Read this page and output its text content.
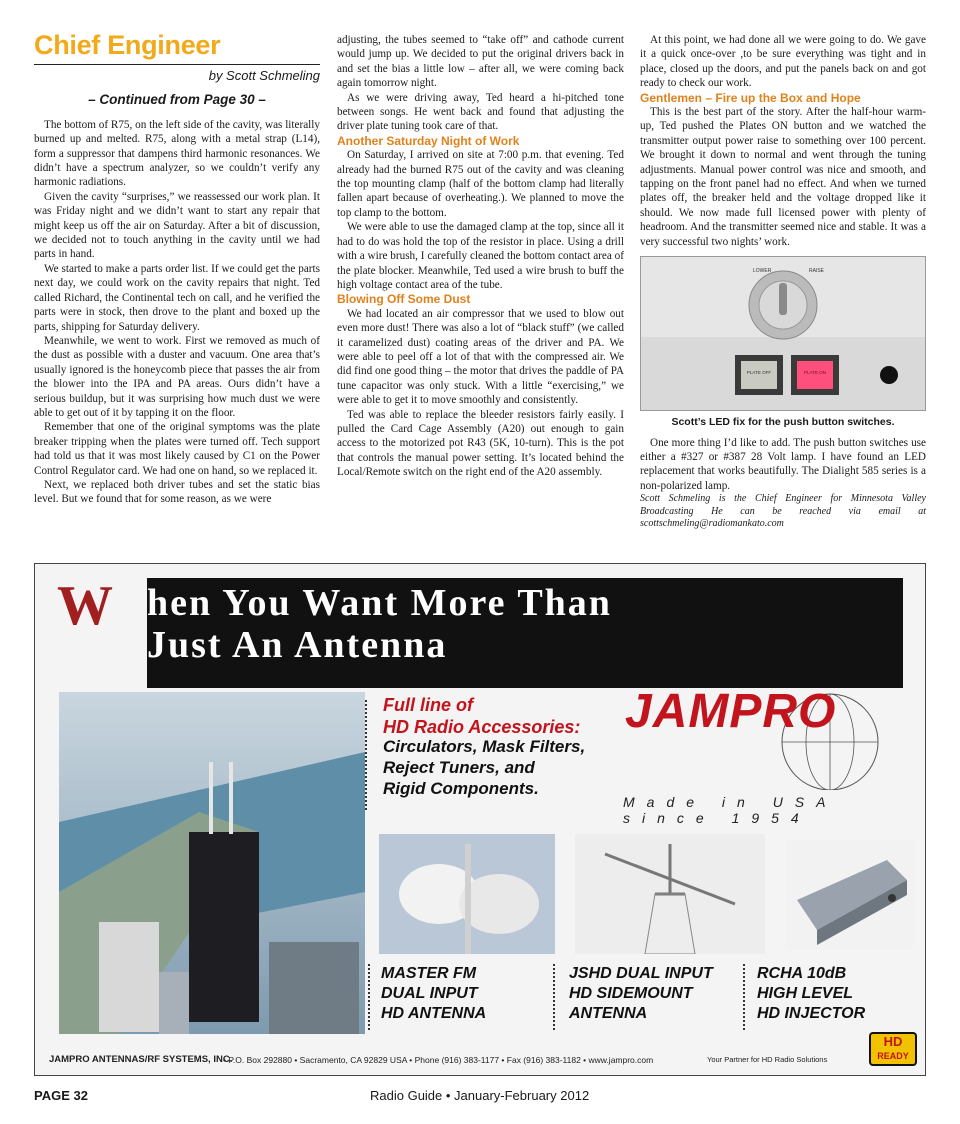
Chief Engineer
by Scott Schmeling
– Continued from Page 30 –

The bottom of R75, on the left side of the cavity, was literally burned up and melted. R75, along with a metal strap (L14), form a suppressor that dampens third harmonic resonances. We didn’t have a spectrum analyzer, so we couldn’t verify any harmonic radiations.

Given the cavity “surprises,” we reassessed our work plan. It was Friday night and we didn’t want to start any repair that might keep us off the air on Saturday. After a bit of discussion, we decided not to touch anything in the cavity until we had parts in hand.

We started to make a parts order list. If we could get the parts next day, we could work on the cavity repairs that night. Ted called Richard, the Continental tech on call, and he verified the parts were in stock, then drove to the plant and boxed up the parts, shipping for Saturday delivery.

Meanwhile, we went to work. First we removed as much of the dust as possible with a duster and vacuum. One area that’s usually ignored is the honeycomb piece that passes the air from the blower into the IPA and PA areas. Ours didn’t have a serious buildup, but it was surprising how much dust we were able to get out of it by tapping it on the floor.

Remember that one of the original symptoms was the plate breaker tripping when the plates were turned off. Tech support had told us that it was most likely caused by C1 on the Power Control Regulator card. We had one on hand, so we replaced it.

Next, we replaced both driver tubes and set the static bias level. But we found that for some reason, as we were

adjusting, the tubes seemed to “take off” and cathode current would jump up. We decided to put the original drivers back in and set the bias a little low – after all, we were coming back again tomorrow night.

As we were driving away, Ted heard a hi-pitched tone between songs. He went back and found that adjusting the driver plate tuning took care of that.

Another Saturday Night of Work

On Saturday, I arrived on site at 7:00 p.m. that evening. Ted already had the burned R75 out of the cavity and was cleaning the top mounting clamp (half of the bottom clamp had literally fallen apart because of overheating.). We planned to move the top clamp to the bottom.

We were able to use the damaged clamp at the top, since all it had to do was hold the top of the resistor in place. Using a drill with a wire brush, I carefully cleaned the bottom contact area of the plate blocker. Meanwhile, Ted used a wire brush to buff the high voltage contact area of the tube.

Blowing Off Some Dust

We had located an air compressor that we used to blow out even more dust! There was also a lot of “black stuff” (we called it caramelized dust) coating areas of the driver and PA. We were able to peel off a lot of that with the compressed air. We did find one good thing – the motor that drives the paddle of PA tune capacitor was only stuck. With a little “exercising,” we were able to get it to move smoothly and consistently.

Ted was able to replace the bleeder resistors fairly easily. I pulled the Card Cage Assembly (A20) out enough to gain access to the motorized pot R43 (5K, 10-turn). This is the pot that controls the manual power setting. It’s located behind the Local/Remote switch on the right end of the A20 assembly.

At this point, we had done all we were going to do. We gave it a quick once-over ,to be sure everything was tight and in place, closed up the doors, and put the panels back on and got ready to check our work.

Gentlemen – Fire up the Box and Hope

This is the best part of the story. After the half-hour warm-up, Ted pushed the Plates ON button and we watched the transmitter output power raise to something over 100 percent. We brought it down to normal and went through the tuning adjustments. Manual power control was nice and smooth, and tapping on the front panel had no effect. And when we turned plates off, the breaker held and the voltage dropped like it should. We now made full licensed power with plenty of headroom. And the transmitter seemed nice and stable. It was a very successful two nights’ work.

LOWER	RAISE
PLATE OFF	PLATE ON
Scott’s LED fix for the push button switches.

One more thing I’d like to add. The push button switches use either a #327 or #387 28 Volt lamp. I have found an LED replacement that works beautifully. The Dialight 585 series is a non-polarized lamp.

Scott Schmeling is the Chief Engineer for Minnesota Valley Broadcasting He can be reached via email at scottschmeling@radiomankato.com

W hen You Want More Than
Just An Antenna
Full line of
HD Radio Accessories:
Circulators, Mask Filters,
Reject Tuners, and
Rigid Components.
JAMPRO
Made in USA since 1954
MASTER FM
DUAL INPUT
HD ANTENNA
JSHD DUAL INPUT
HD SIDEMOUNT
ANTENNA
RCHA 10dB
HIGH LEVEL
HD INJECTOR
JAMPRO ANTENNAS/RF SYSTEMS, INC.
• P.O. Box 292880 • Sacramento, CA 92829 USA • Phone (916) 383-1177 • Fax (916) 383-1182 • www.jampro.com	Your Partner for HD Radio Solutions
HD
READY
PAGE 32	Radio Guide • January-February 2012
